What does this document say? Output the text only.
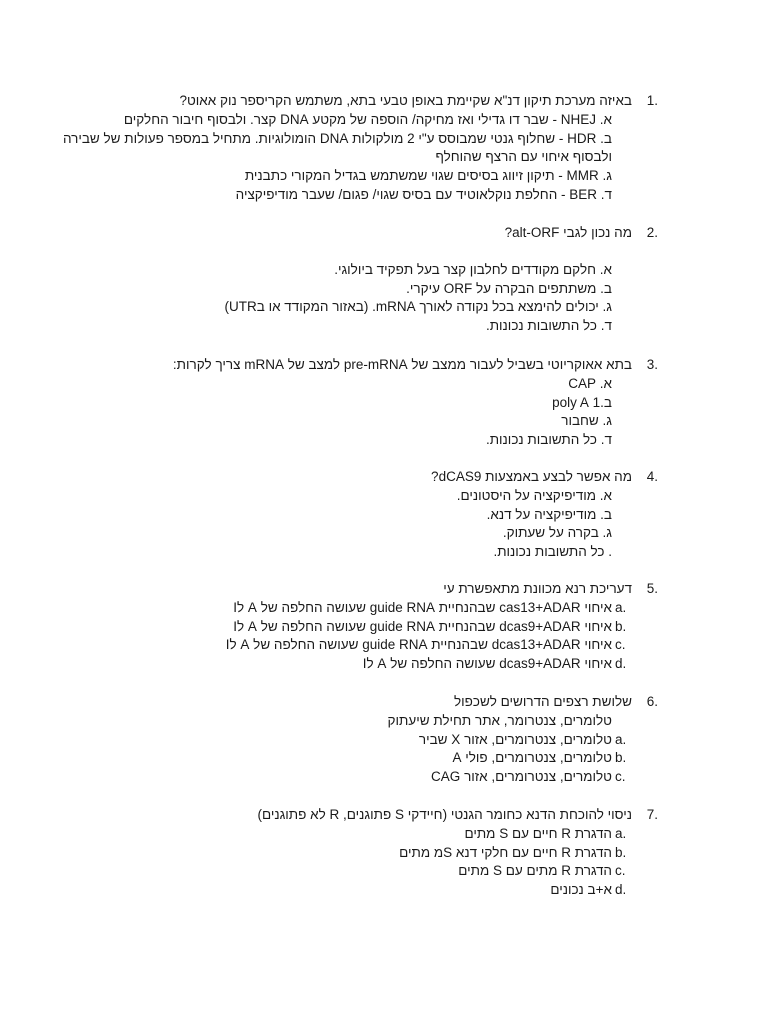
1.
באיזה מערכת תיקון דנ"א שקיימת באופן טבעי בתא, משתמש הקריספר נוק אאוט?
א. NHEJ - שבר דו גדילי ואז מחיקה/ הוספה של מקטע DNA קצר. ולבסוף חיבור החלקים
ב. HDR - שחלוף גנטי שמבוסס ע"י 2 מולקולות DNA הומולוגיות. מתחיל במספר פעולות של שבירה
ולבסוף איחוי עם הרצף שהוחלף
ג. MMR - תיקון זיווג בסיסים שגוי שמשתמש בגדיל המקורי כתבנית
ד. BER - החלפת נוקלאוטיד עם בסיס שגוי/ פגום/ שעבר מודיפיקציה
2.
מה נכון לגבי alt-ORF?
א. חלקם מקודדים לחלבון קצר בעל תפקיד ביולוגי.
ב. משתתפים הבקרה על ORF עיקרי.
ג. יכולים להימצא בכל נקודה לאורך mRNA. (באזור המקודד או בUTR)
ד. כל התשובות נכונות.
3.
בתא אאוקריוטי בשביל לעבור ממצב של pre-mRNA למצב של mRNA צריך לקרות:
א. CAP
ב.1 poly A
ג. שחבור
ד. כל התשובות נכונות.
4.
מה אפשר לבצע באמצעות dCAS9?
א. מודיפיקציה על היסטונים.
ב. מודיפיקציה על דנא.
ג. בקרה על שעתוק.
. כל התשובות נכונות.
5.
דעריכת רנא מכוונת מתאפשרת עי
a.
איחוי cas13+ADAR שבהנחיית guide RNA שעושה החלפה של A לI
b.
איחוי dcas9+ADAR שבהנחיית guide RNA שעושה החלפה של A לI
c.
איחוי dcas13+ADAR שבהנחיית guide RNA שעושה החלפה של A לI
d.
איחוי dcas9+ADAR שעושה החלפה של A לI
6.
שלושת רצפים הדרושים לשכפול
טלומרים, צנטרומר, אתר תחילת שיעתוק
a.
טלומרים, צנטרומרים, אזור X שביר
b.
טלומרים, צנטרומרים, פולי A
c.
טלומרים, צנטרומרים, אזור CAG
7.
ניסוי להוכחת הדנא כחומר הגנטי (חיידקי S פתוגנים, R לא פתוגנים)
a.
הדגרת R חיים עם S מתים
b.
הדגרת R חיים עם חלקי דנא Sמ מתים
c.
הדגרת R מתים עם S מתים
d.
א+ב נכונים
